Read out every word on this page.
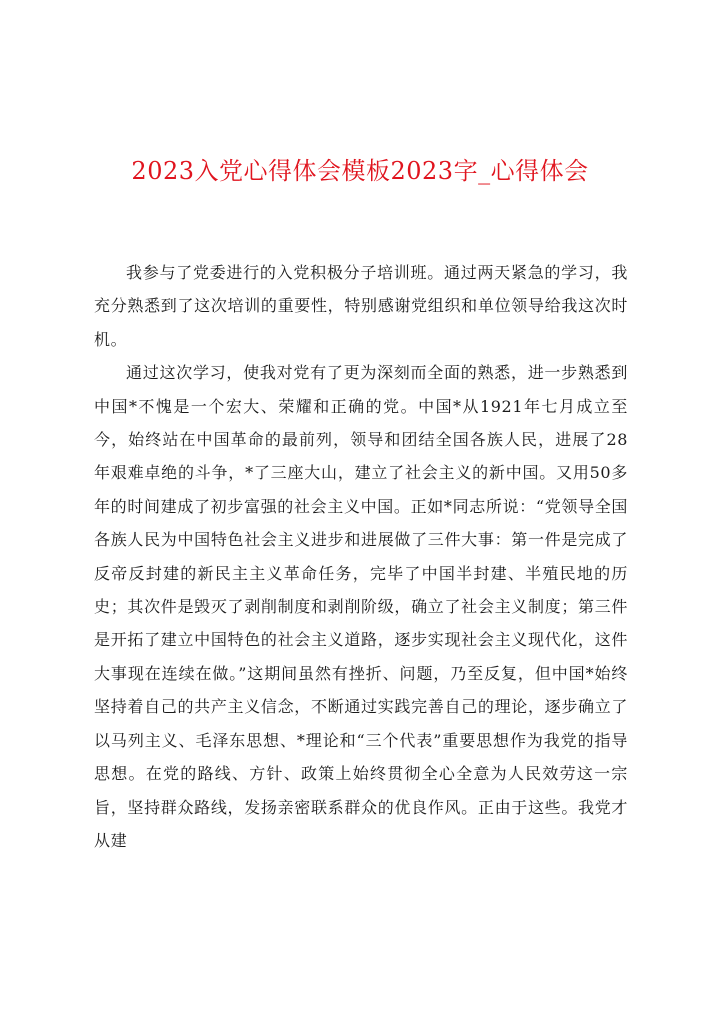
2023入党心得体会模板2023字_心得体会

我参与了党委进行的入党积极分子培训班。通过两天紧急的学习，我充分熟悉到了这次培训的重要性，特别感谢党组织和单位领导给我这次时机。

通过这次学习，使我对党有了更为深刻而全面的熟悉，进一步熟悉到中国*不愧是一个宏大、荣耀和正确的党。中国*从1921年七月成立至今，始终站在中国革命的最前列，领导和团结全国各族人民，进展了28年艰难卓绝的斗争，*了三座大山，建立了社会主义的新中国。又用50多年的时间建成了初步富强的社会主义中国。正如*同志所说：“党领导全国各族人民为中国特色社会主义进步和进展做了三件大事：第一件是完成了反帝反封建的新民主主义革命任务，完毕了中国半封建、半殖民地的历史；其次件是毁灭了剥削制度和剥削阶级，确立了社会主义制度；第三件是开拓了建立中国特色的社会主义道路，逐步实现社会主义现代化，这件大事现在连续在做。”这期间虽然有挫折、问题，乃至反复，但中国*始终坚持着自己的共产主义信念，不断通过实践完善自己的理论，逐步确立了以马列主义、毛泽东思想、*理论和“三个代表”重要思想作为我党的指导思想。在党的路线、方针、政策上始终贯彻全心全意为人民效劳这一宗旨，坚持群众路线，发扬亲密联系群众的优良作风。正由于这些。我党才从建
